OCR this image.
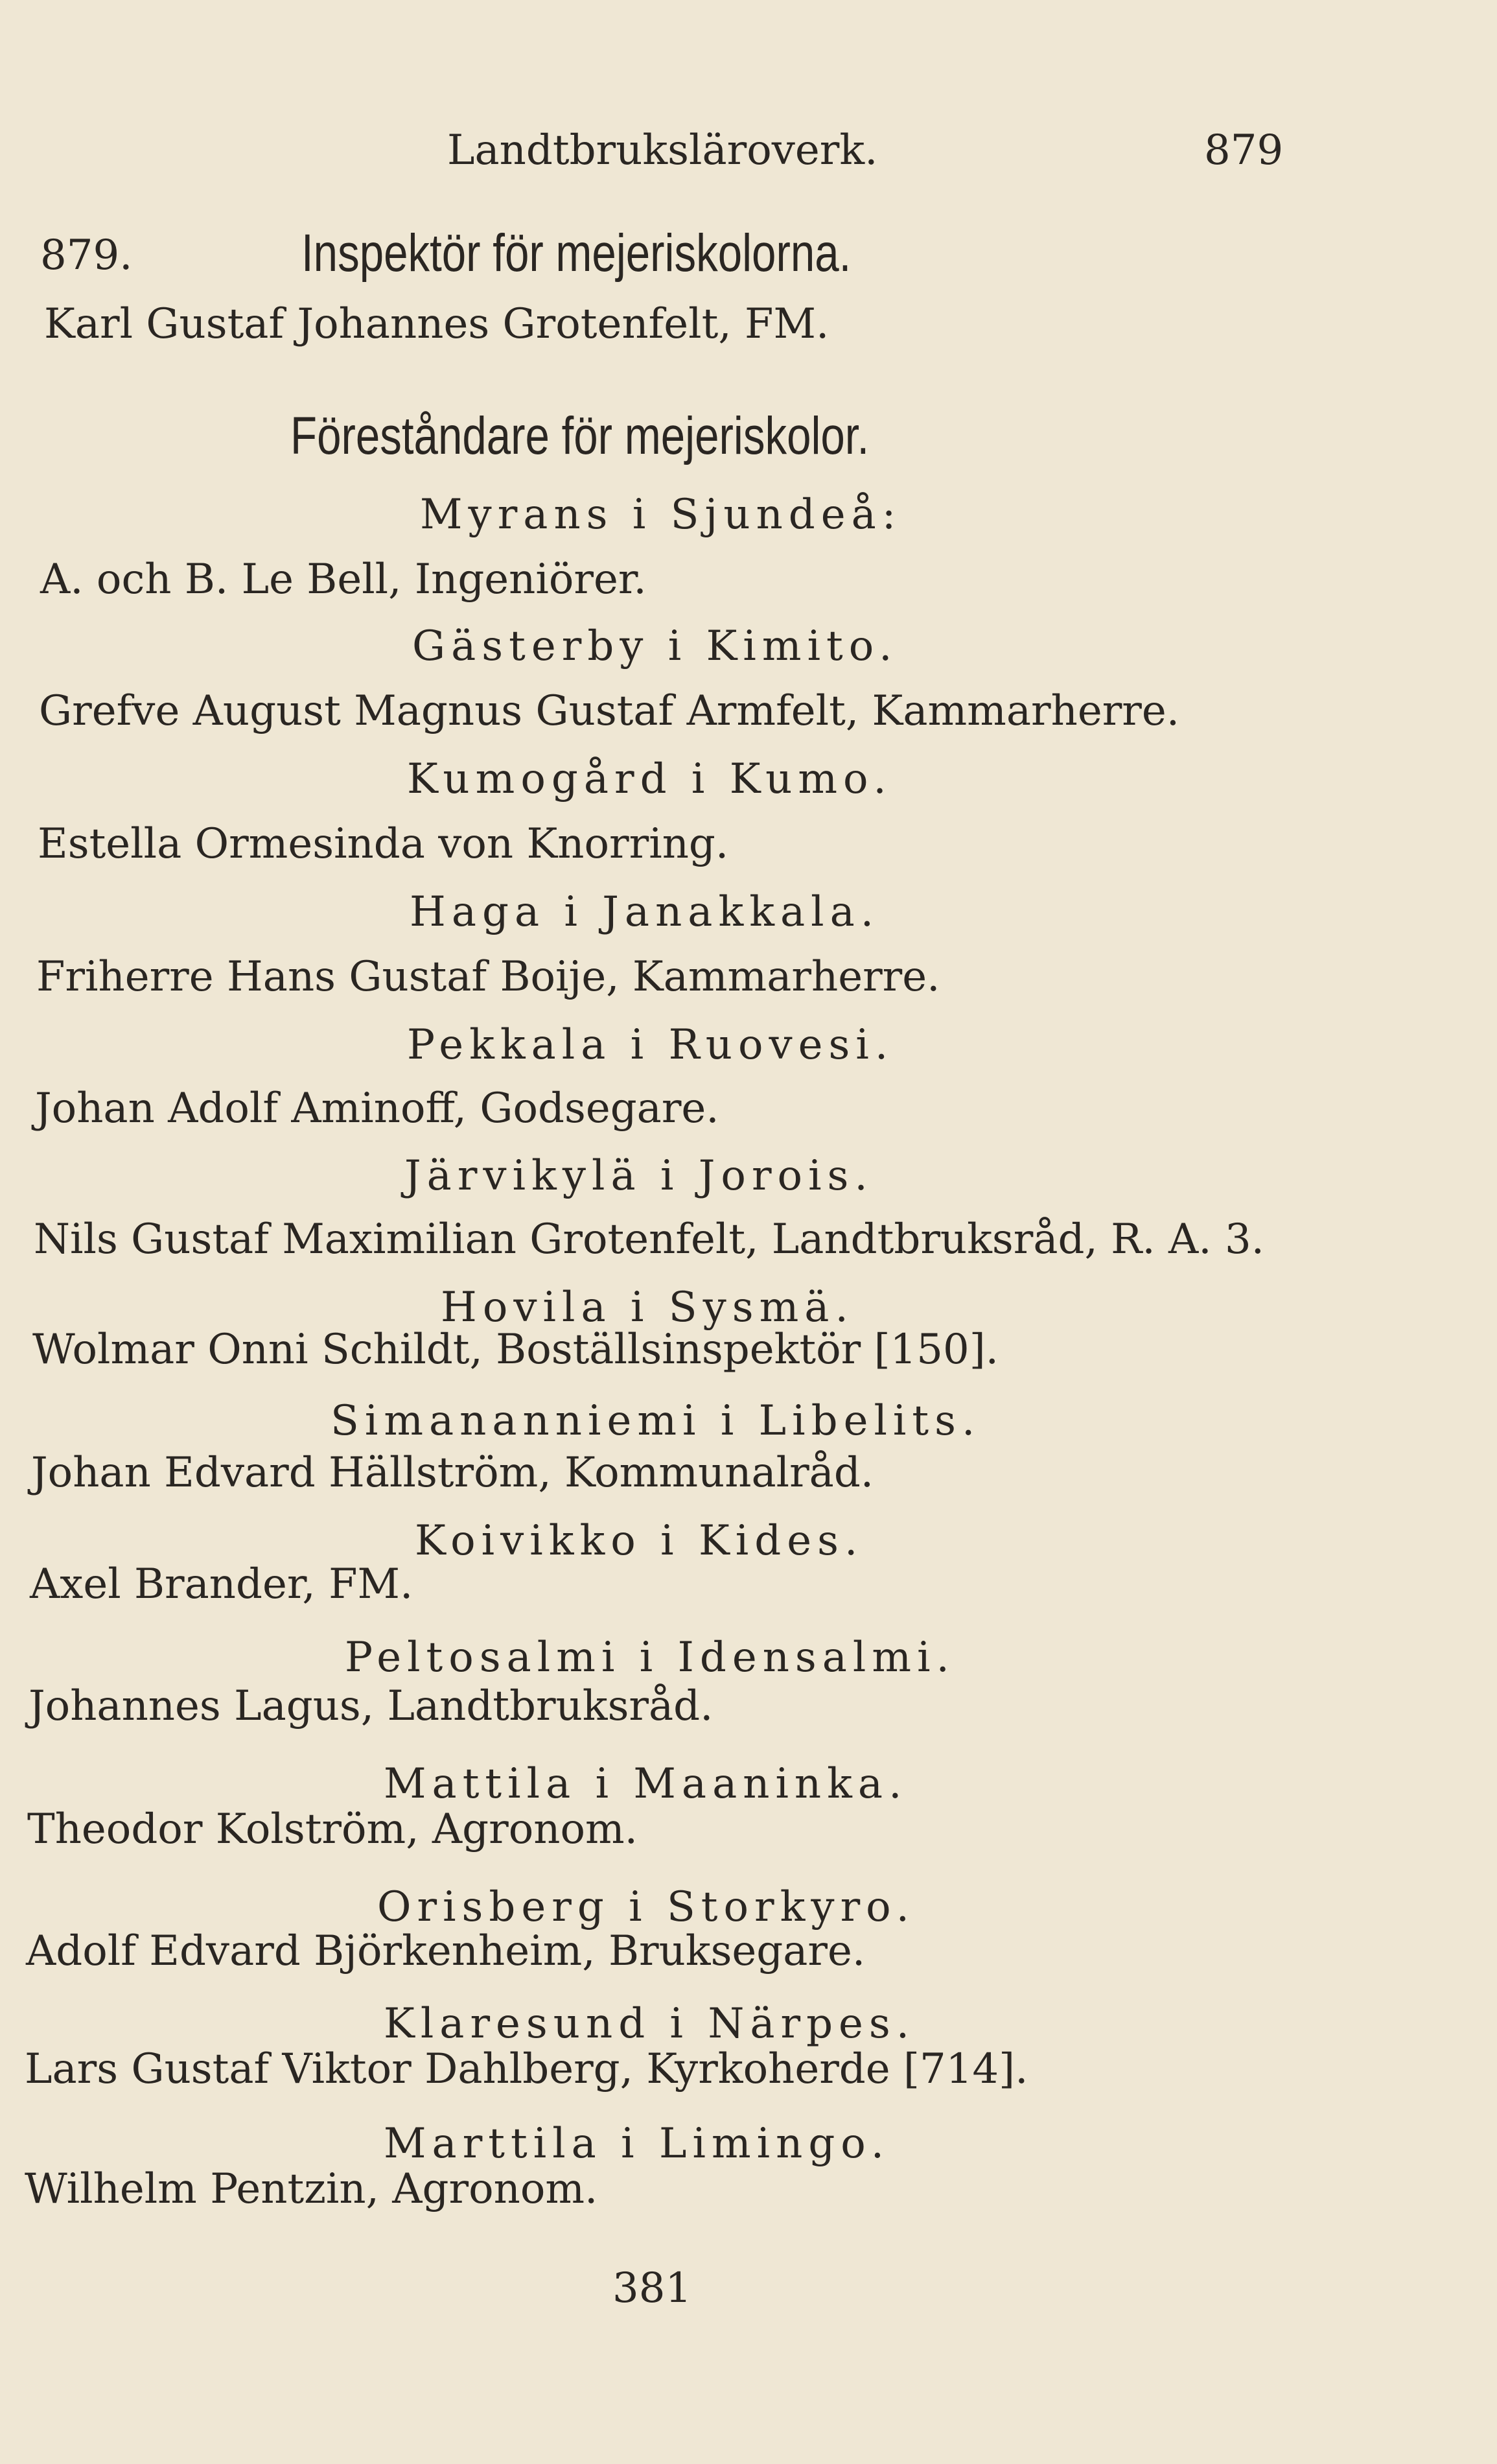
Landtbruksläroverk.	879
879.	Inspektör för mejeriskolorna.
Karl Gustaf Johannes Grotenfelt, FM.
Föreståndare för mejeriskolor.
Myrans i Sjundeå:
A. och B. Le Bell, Ingeniörer.
Gästerby i Kimito.
Grefve August Magnus Gustaf Armfelt, Kammarherre.
Kumogård i Kumo.
Estella Ormesinda von Knorring.
Haga i Janakkala.
Friherre Hans Gustaf Boije, Kammarherre.
Pekkala i Ruovesi.
Johan Adolf Aminoff, Godsegare.
Järvikylä i Jorois.
Nils Gustaf Maximilian Grotenfelt, Landtbruksråd, R. A. 3.
Hovila i Sysmä.
Wolmar Onni Schildt, Boställsinspektör [150].
Simananniemi i Libelits.
Johan Edvard Hällström, Kommunalråd.
Koivikko i Kides.
Axel Brander, FM.
Peltosalmi i Idensalmi.
Johannes Lagus, Landtbruksråd.
Mattila i Maaninka.
Theodor Kolström, Agronom.
Orisberg i Storkyro.
Adolf Edvard Björkenheim, Bruksegare.
Klaresund i Närpes.
Lars Gustaf Viktor Dahlberg, Kyrkoherde [714].
Marttila i Limingo.
Wilhelm Pentzin, Agronom.
381
